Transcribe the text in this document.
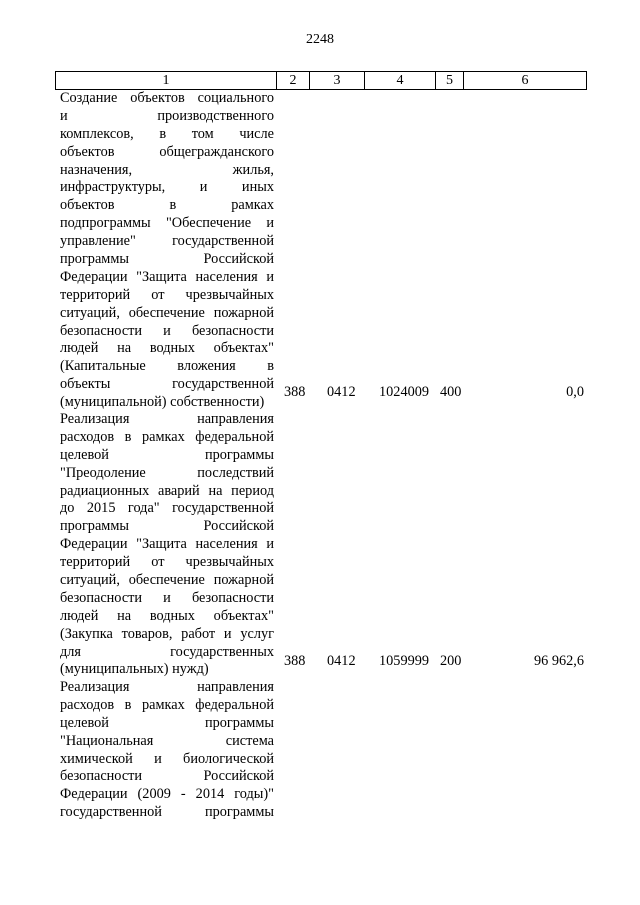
2248
1	2	3	4	5	6
Создание объектов социального
и производственного
комплексов, в том числе
объектов общегражданского
назначения, жилья,
инфраструктуры, и иных
объектов в рамках
подпрограммы "Обеспечение и
управление" государственной
программы Российской
Федерации "Защита населения и
территорий от чрезвычайных
ситуаций, обеспечение пожарной
безопасности и безопасности
людей на водных объектах"
(Капитальные вложения в
объекты государственной
(муниципальной) собственности)
388 0412 1024009 400	0,0
Реализация направления
расходов в рамках федеральной
целевой программы
"Преодоление последствий
радиационных аварий на период
до 2015 года" государственной
программы Российской
Федерации "Защита населения и
территорий от чрезвычайных
ситуаций, обеспечение пожарной
безопасности и безопасности
людей на водных объектах"
(Закупка товаров, работ и услуг
для государственных
(муниципальных) нужд)
388 0412 1059999 200	96 962,6
Реализация направления
расходов в рамках федеральной
целевой программы
"Национальная система
химической и биологической
безопасности Российской
Федерации (2009 - 2014 годы)"
государственной программы
